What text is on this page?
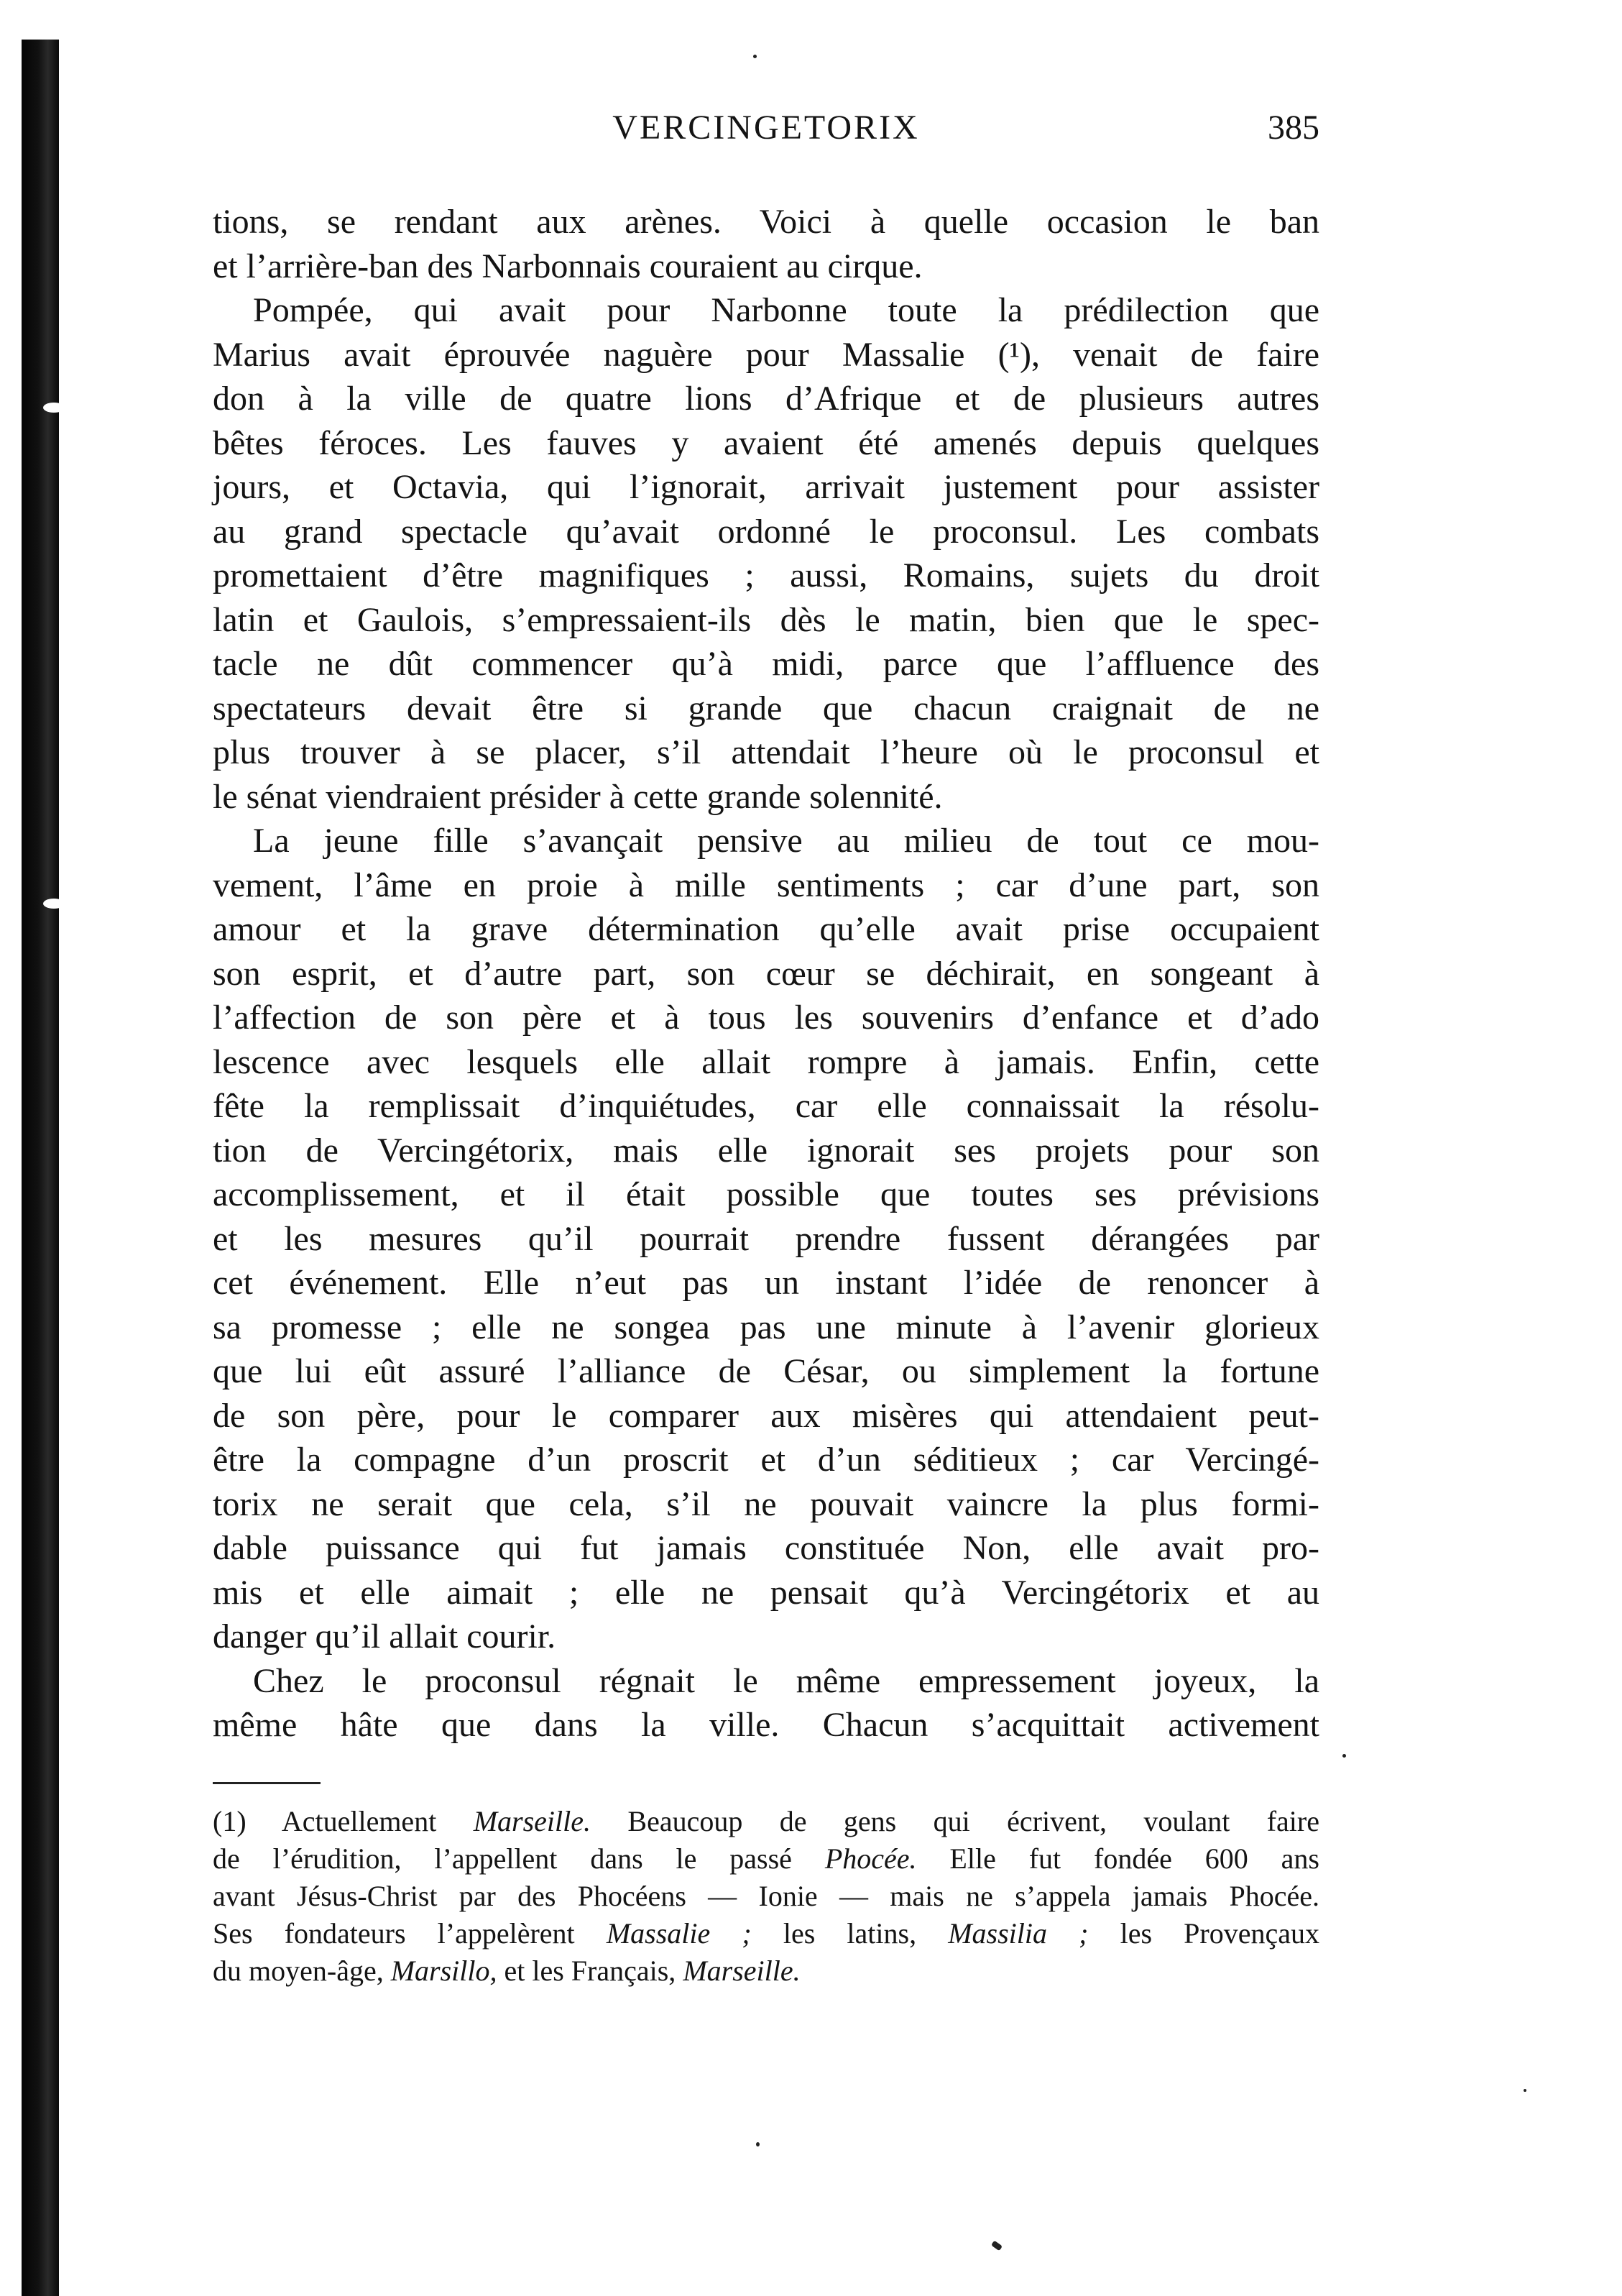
VERCINGETORIX	385
tions, se rendant aux arènes. Voici à quelle occasion le ban
et l’arrière-ban des Narbonnais couraient au cirque.
Pompée, qui avait pour Narbonne toute la prédilection que
Marius avait éprouvée naguère pour Massalie (¹), venait de faire
don à la ville de quatre lions d’Afrique et de plusieurs autres
bêtes féroces. Les fauves y avaient été amenés depuis quelques
jours, et Octavia, qui l’ignorait, arrivait justement pour assister
au grand spectacle qu’avait ordonné le proconsul. Les combats
promettaient d’être magnifiques ; aussi, Romains, sujets du droit
latin et Gaulois, s’empressaient-ils dès le matin, bien que le spec-
tacle ne dût commencer qu’à midi, parce que l’affluence des
spectateurs devait être si grande que chacun craignait de ne
plus trouver à se placer, s’il attendait l’heure où le proconsul et
le sénat viendraient présider à cette grande solennité.
La jeune fille s’avançait pensive au milieu de tout ce mou-
vement, l’âme en proie à mille sentiments ; car d’une part, son
amour et la grave détermination qu’elle avait prise occupaient
son esprit, et d’autre part, son cœur se déchirait, en songeant à
l’affection de son père et à tous les souvenirs d’enfance et d’ado
lescence avec lesquels elle allait rompre à jamais. Enfin, cette
fête la remplissait d’inquiétudes, car elle connaissait la résolu-
tion de Vercingétorix, mais elle ignorait ses projets pour son
accomplissement, et il était possible que toutes ses prévisions
et les mesures qu’il pourrait prendre fussent dérangées par
cet événement. Elle n’eut pas un instant l’idée de renoncer à
sa promesse ; elle ne songea pas une minute à l’avenir glorieux
que lui eût assuré l’alliance de César, ou simplement la fortune
de son père, pour le comparer aux misères qui attendaient peut-
être la compagne d’un proscrit et d’un séditieux ; car Vercingé-
torix ne serait que cela, s’il ne pouvait vaincre la plus formi-
dable puissance qui fut jamais constituée Non, elle avait pro-
mis et elle aimait ; elle ne pensait qu’à Vercingétorix et au
danger qu’il allait courir.
Chez le proconsul régnait le même empressement joyeux, la
même hâte que dans la ville. Chacun s’acquittait activement
(1) Actuellement Marseille. Beaucoup de gens qui écrivent, voulant faire
de l’érudition, l’appellent dans le passé Phocée. Elle fut fondée 600 ans
avant Jésus-Christ par des Phocéens — Ionie — mais ne s’appela jamais Phocée.
Ses fondateurs l’appelèrent Massalie ; les latins, Massilia ; les Provençaux
du moyen-âge, Marsillo, et les Français, Marseille.
